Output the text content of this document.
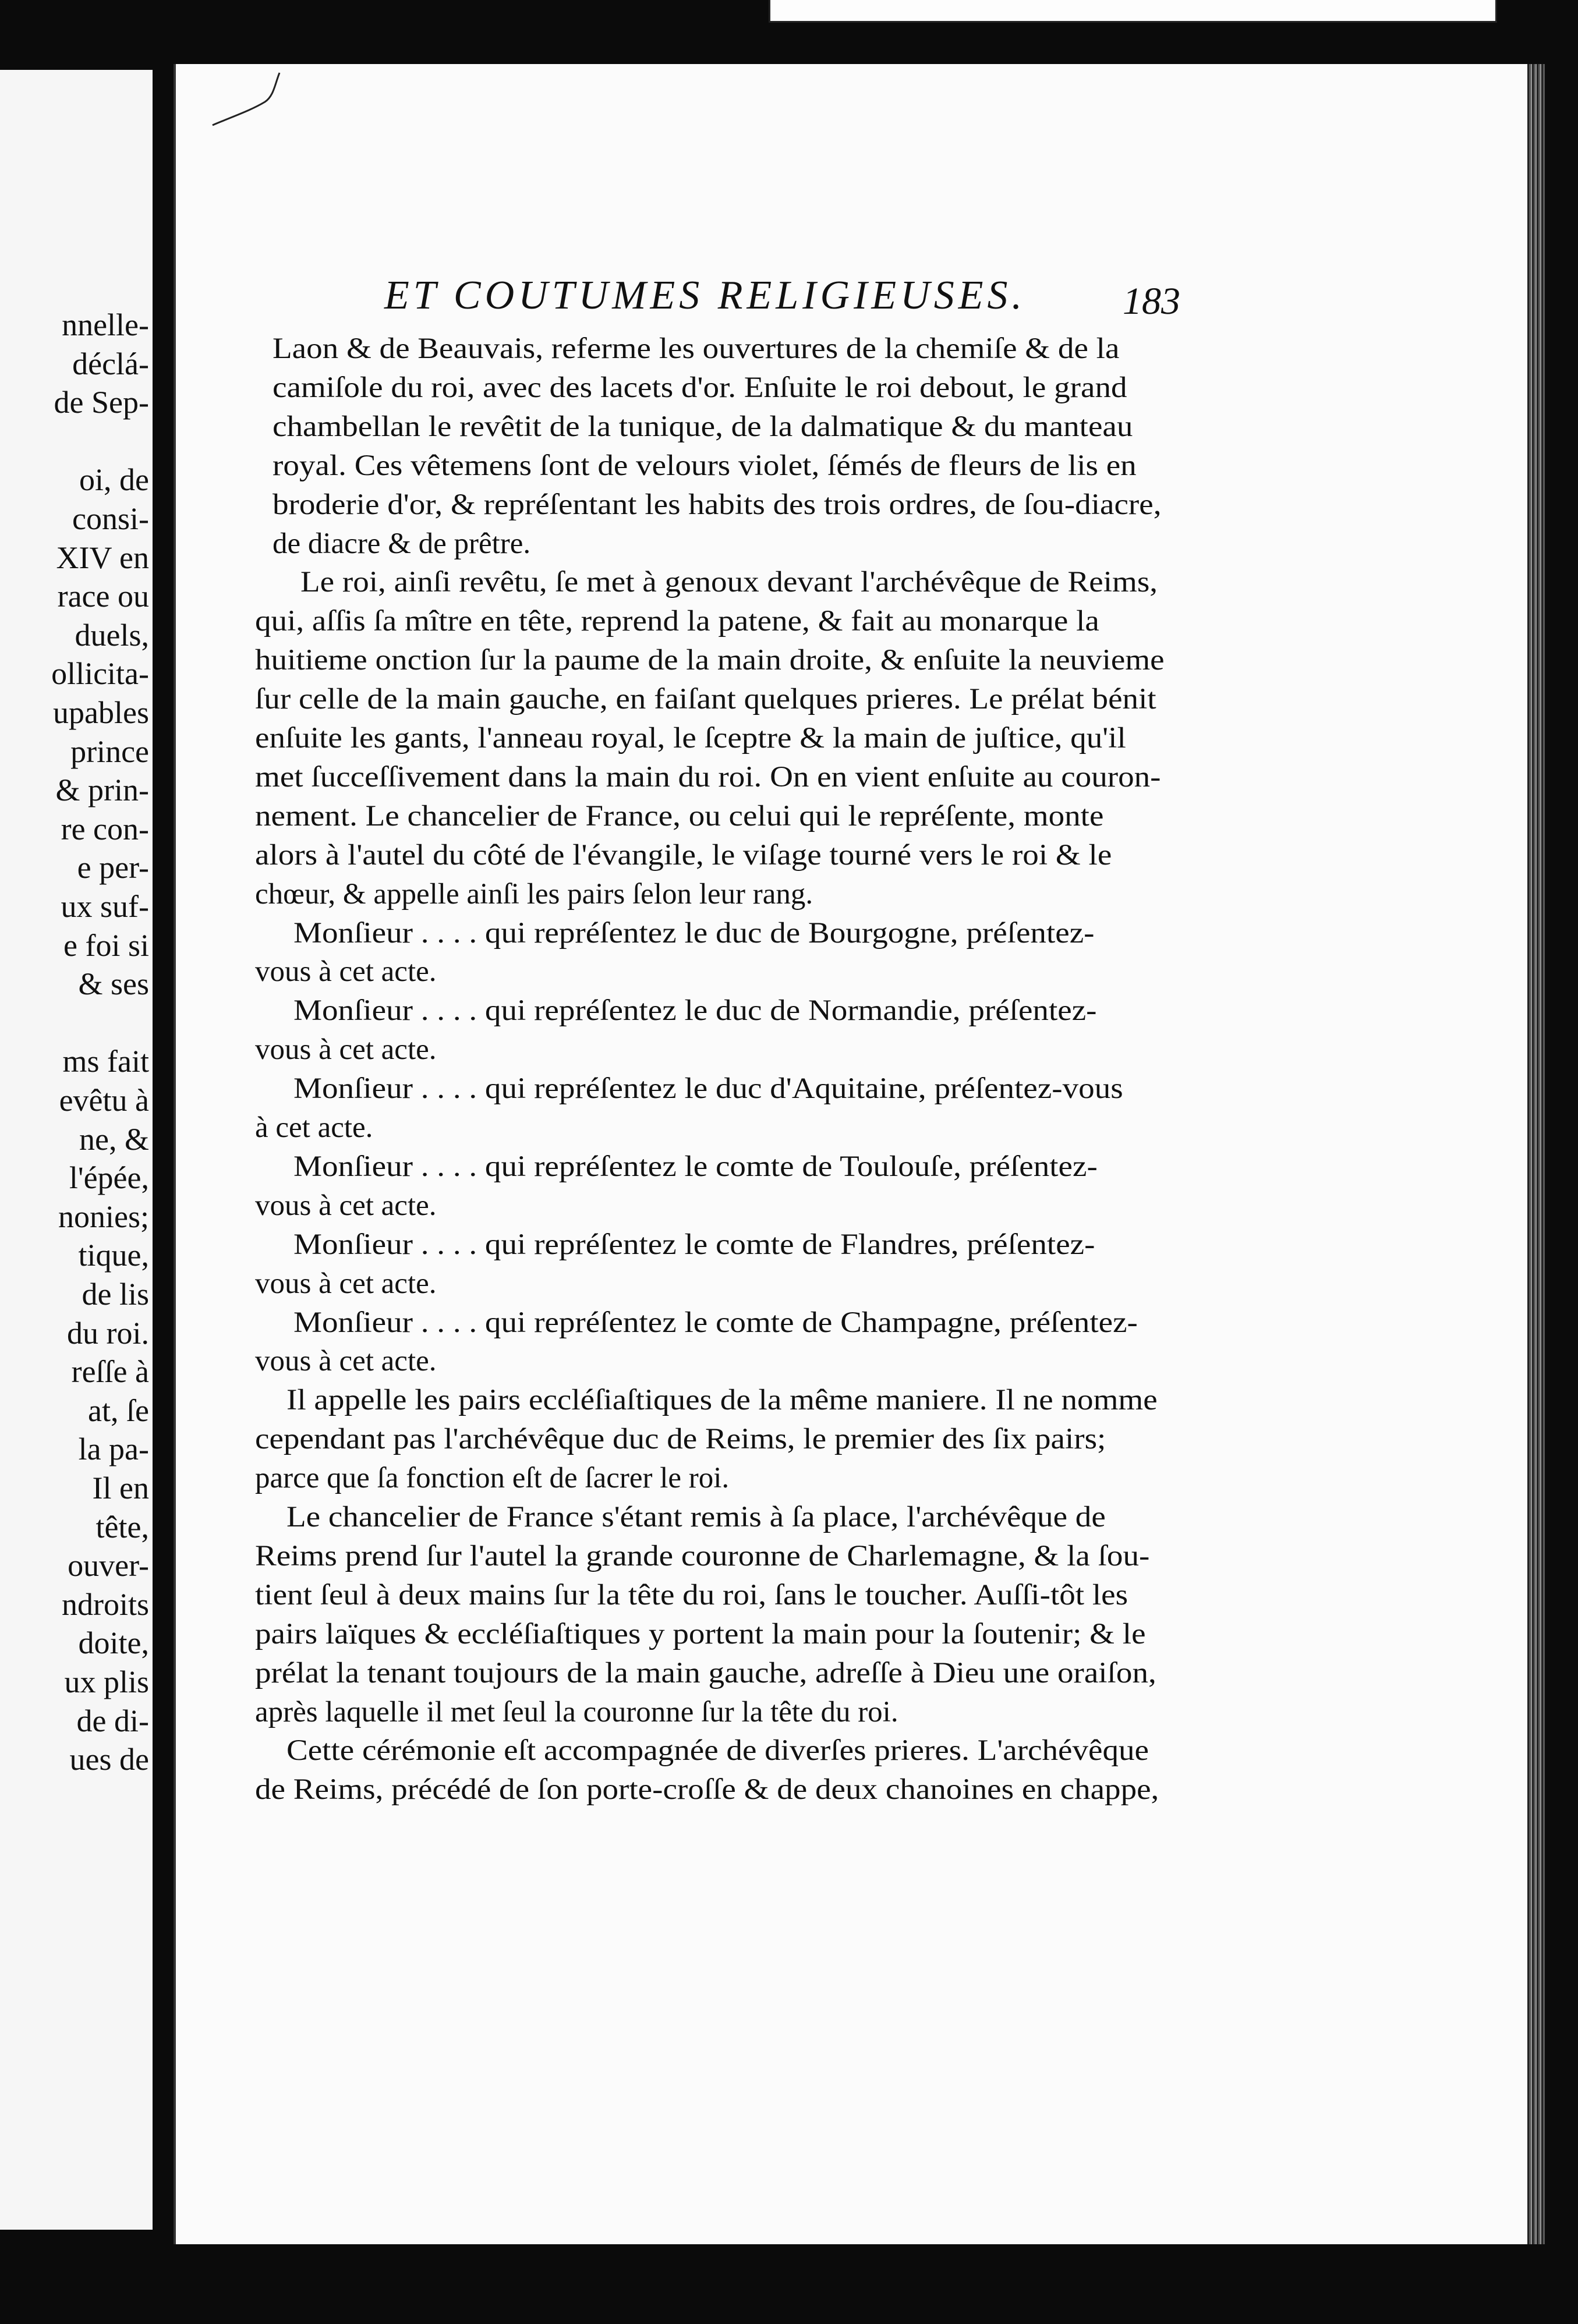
nnelle-
déclá-
de Sep-
oi, de
consi-
XIV en
race ou
duels,
ollicita-
upables
prince
& prin-
re con-
e per-
ux suf-
e foi si
& ses
ms fait
evêtu à
ne, &
l'épée,
nonies;
tique,
de lis
du roi.
reſſe à
at, ſe
la pa-
Il en
tête,
ouver-
ndroits
doite,
ux plis
de di-
ues de
ET COUTUMES RELIGIEUSES.	183
Laon & de Beauvais, referme les ouvertures de la chemiſe & de la
camiſole du roi, avec des lacets d'or. Enſuite le roi debout, le grand
chambellan le revêtit de la tunique, de la dalmatique & du manteau
royal. Ces vêtemens ſont de velours violet, ſémés de fleurs de lis en
broderie d'or, & repréſentant les habits des trois ordres, de ſou-diacre,
de diacre & de prêtre.
Le roi, ainſi revêtu, ſe met à genoux devant l'archévêque de Reims,
qui, aſſis ſa mître en tête, reprend la patene, & fait au monarque la
huitieme onction ſur la paume de la main droite, & enſuite la neuvieme
ſur celle de la main gauche, en faiſant quelques prieres. Le prélat bénit
enſuite les gants, l'anneau royal, le ſceptre & la main de juſtice, qu'il
met ſucceſſivement dans la main du roi. On en vient enſuite au couron-
nement. Le chancelier de France, ou celui qui le repréſente, monte
alors à l'autel du côté de l'évangile, le viſage tourné vers le roi & le
chœur, & appelle ainſi les pairs ſelon leur rang.
Monſieur . . . . qui repréſentez le duc de Bourgogne, préſentez-
vous à cet acte.
Monſieur . . . . qui repréſentez le duc de Normandie, préſentez-
vous à cet acte.
Monſieur . . . . qui repréſentez le duc d'Aquitaine, préſentez-vous
à cet acte.
Monſieur . . . . qui repréſentez le comte de Toulouſe, préſentez-
vous à cet acte.
Monſieur . . . . qui repréſentez le comte de Flandres, préſentez-
vous à cet acte.
Monſieur . . . . qui repréſentez le comte de Champagne, préſentez-
vous à cet acte.
Il appelle les pairs eccléſiaſtiques de la même maniere. Il ne nomme
cependant pas l'archévêque duc de Reims, le premier des ſix pairs;
parce que ſa fonction eſt de ſacrer le roi.
Le chancelier de France s'étant remis à ſa place, l'archévêque de
Reims prend ſur l'autel la grande couronne de Charlemagne, & la ſou-
tient ſeul à deux mains ſur la tête du roi, ſans le toucher. Auſſi-tôt les
pairs laïques & eccléſiaſtiques y portent la main pour la ſoutenir; & le
prélat la tenant toujours de la main gauche, adreſſe à Dieu une oraiſon,
après laquelle il met ſeul la couronne ſur la tête du roi.
Cette cérémonie eſt accompagnée de diverſes prieres. L'archévêque
de Reims, précédé de ſon porte-croſſe & de deux chanoines en chappe,
